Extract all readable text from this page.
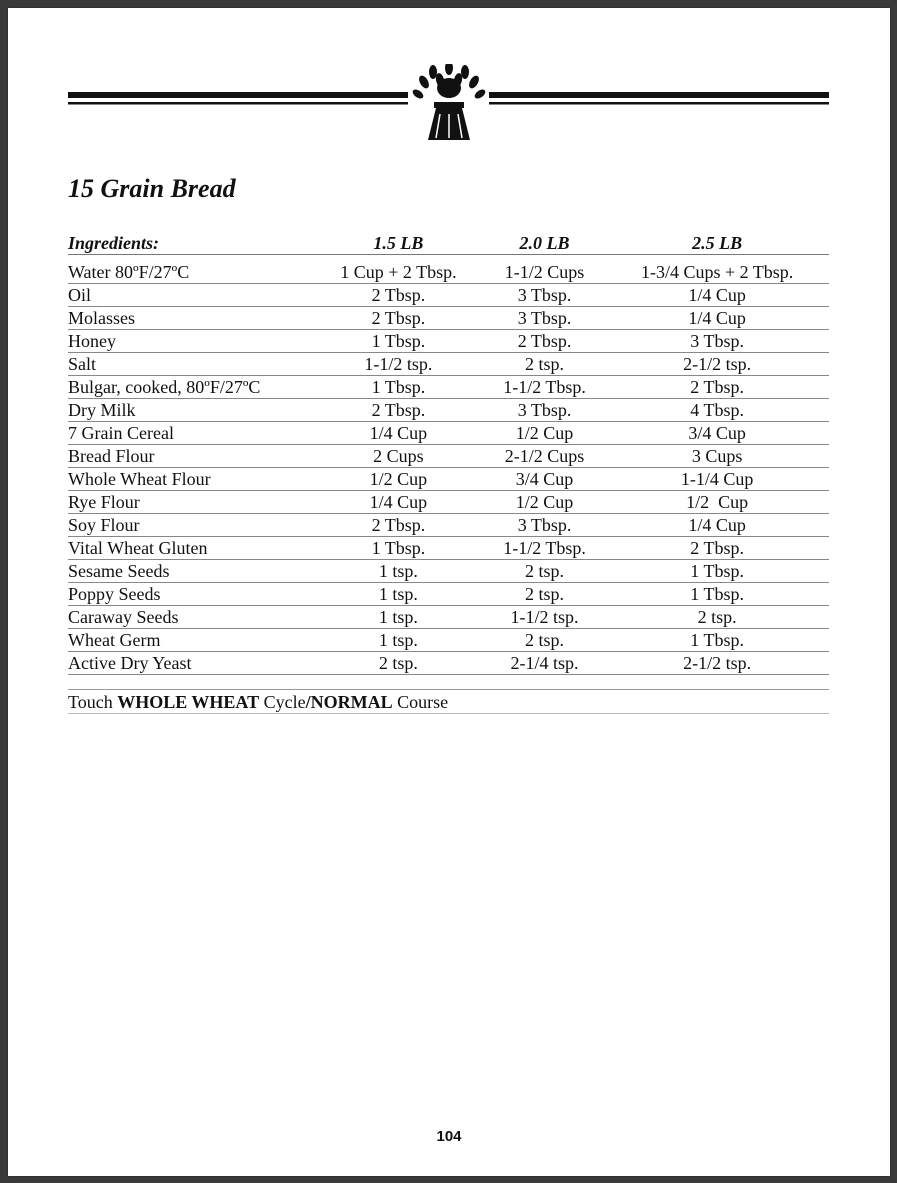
15 Grain Bread
Ingredients:	1.5 LB	2.0 LB	2.5 LB
Water 80ºF/27ºC	1 Cup + 2 Tbsp.	1-1/2 Cups	1-3/4 Cups + 2 Tbsp.
Oil	2 Tbsp.	3 Tbsp.	1/4 Cup
Molasses	2 Tbsp.	3 Tbsp.	1/4 Cup
Honey	1 Tbsp.	2 Tbsp.	3 Tbsp.
Salt	1-1/2 tsp.	2 tsp.	2-1/2 tsp.
Bulgar, cooked, 80ºF/27ºC	1 Tbsp.	1-1/2 Tbsp.	2 Tbsp.
Dry Milk	2 Tbsp.	3 Tbsp.	4 Tbsp.
7 Grain Cereal	1/4 Cup	1/2 Cup	3/4 Cup
Bread Flour	2 Cups	2-1/2 Cups	3 Cups
Whole Wheat Flour	1/2 Cup	3/4 Cup	1-1/4 Cup
Rye Flour	1/4 Cup	1/2 Cup	1/2  Cup
Soy Flour	2 Tbsp.	3 Tbsp.	1/4 Cup
Vital Wheat Gluten	1 Tbsp.	1-1/2 Tbsp.	2 Tbsp.
Sesame Seeds	1 tsp.	2 tsp.	1 Tbsp.
Poppy Seeds	1 tsp.	2 tsp.	1 Tbsp.
Caraway Seeds	1 tsp.	1-1/2 tsp.	2 tsp.
Wheat Germ	1 tsp.	2 tsp.	1 Tbsp.
Active Dry Yeast	2 tsp.	2-1/4 tsp.	2-1/2 tsp.
Touch WHOLE WHEAT Cycle/NORMAL Course
104
